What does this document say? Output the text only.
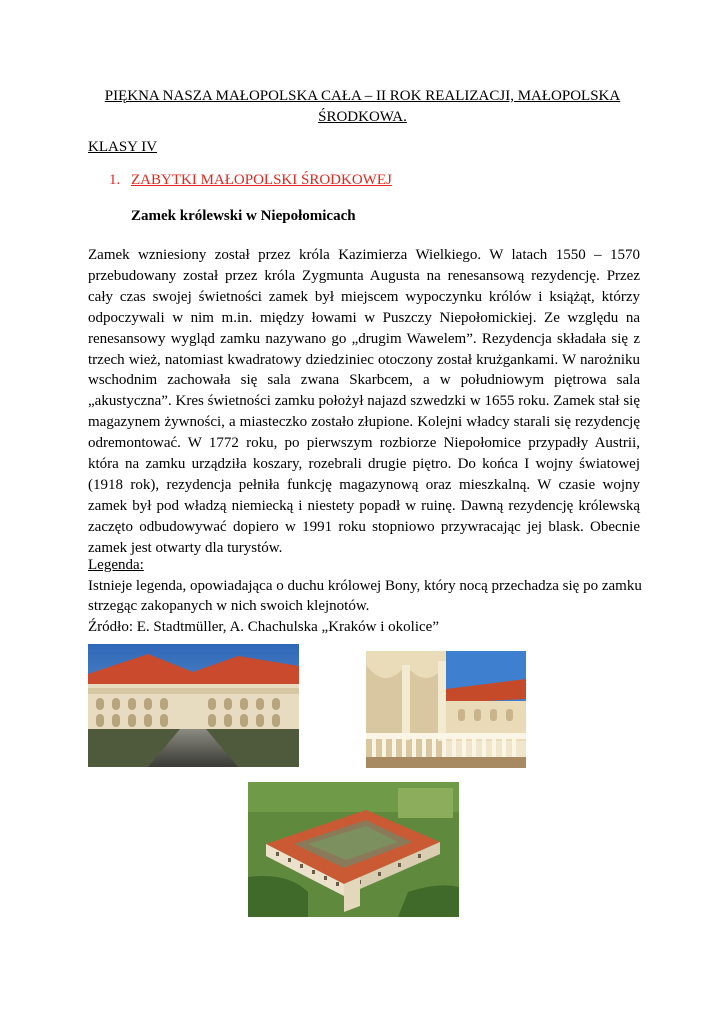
PIĘKNA NASZA MAŁOPOLSKA CAŁA – II ROK REALIZACJI, MAŁOPOLSKA ŚRODKOWA.
KLASY IV
1. ZABYTKI MAŁOPOLSKI ŚRODKOWEJ
Zamek królewski w Niepołomicach

Zamek wzniesiony został przez króla Kazimierza Wielkiego. W latach 1550 – 1570 przebudowany został przez króla Zygmunta Augusta na renesansową rezydencję. Przez cały czas swojej świetności zamek był miejscem wypoczynku królów i książąt, którzy odpoczywali w nim m.in. między łowami w Puszczy Niepołomickiej. Ze względu na renesansowy wygląd zamku nazywano go „drugim Wawelem”. Rezydencja składała się z trzech wież, natomiast kwadratowy dziedziniec otoczony został krużgankami. W narożniku wschodnim zachowała się sala zwana Skarbcem, a w południowym piętrowa sala „akustyczna”. Kres świetności zamku położył najazd szwedzki w 1655 roku. Zamek stał się magazynem żywności, a miasteczko zostało złupione. Kolejni władcy starali się rezydencję odremontować. W 1772 roku, po pierwszym rozbiorze Niepołomice przypadły Austrii, która na zamku urządziła koszary, rozebrali drugie piętro. Do końca I wojny światowej (1918 rok), rezydencja pełniła funkcję magazynową oraz mieszkalną. W czasie wojny zamek był pod władzą niemiecką i niestety popadł w ruinę. Dawną rezydencję królewską zaczęto odbudowywać dopiero w 1991 roku stopniowo przywracając jej blask. Obecnie zamek jest otwarty dla turystów.

Legenda:

Istnieje legenda, opowiadająca o duchu królowej Bony, który nocą przechadza się po zamku strzegąc zakopanych w nich swoich klejnotów.

Źródło: E. Stadtmüller, A. Chachulska „Kraków i okolice”
